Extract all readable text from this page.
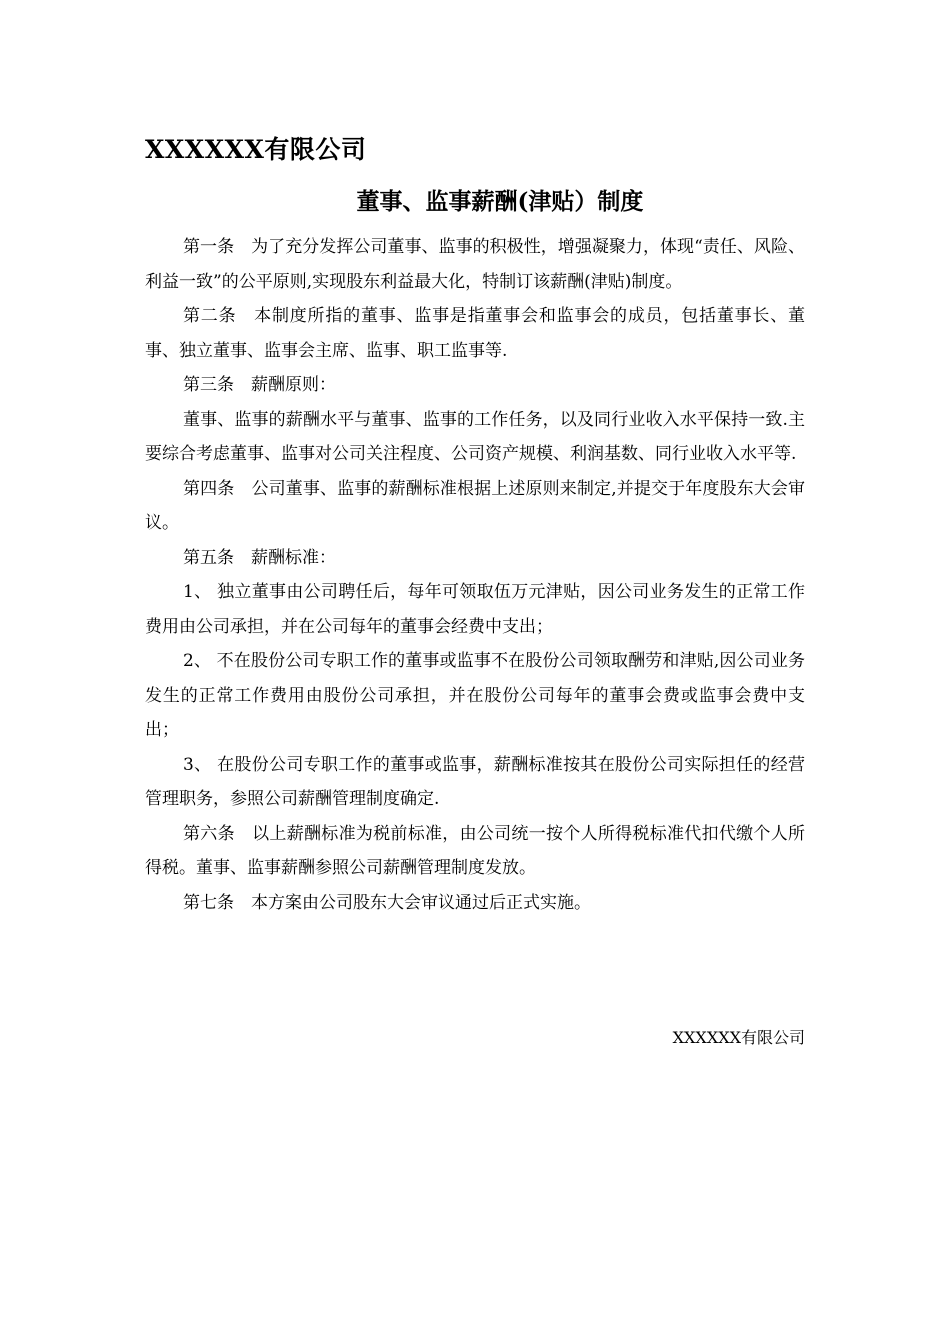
XXXXXX有限公司
董事、监事薪酬(津贴）制度

第一条　为了充分发挥公司董事、监事的积极性，增强凝聚力，体现“责任、风险、利益一致”的公平原则,实现股东利益最大化，特制订该薪酬(津贴)制度。

第二条　本制度所指的董事、监事是指董事会和监事会的成员，包括董事长、董事、独立董事、监事会主席、监事、职工监事等.

第三条　薪酬原则：

董事、监事的薪酬水平与董事、监事的工作任务，以及同行业收入水平保持一致.主要综合考虑董事、监事对公司关注程度、公司资产规模、利润基数、同行业收入水平等.

第四条　公司董事、监事的薪酬标准根据上述原则来制定,并提交于年度股东大会审议。

第五条　薪酬标准：

1、 独立董事由公司聘任后，每年可领取伍万元津贴，因公司业务发生的正常工作费用由公司承担，并在公司每年的董事会经费中支出；

2、 不在股份公司专职工作的董事或监事不在股份公司领取酬劳和津贴,因公司业务发生的正常工作费用由股份公司承担，并在股份公司每年的董事会费或监事会费中支出；

3、 在股份公司专职工作的董事或监事，薪酬标准按其在股份公司实际担任的经营管理职务，参照公司薪酬管理制度确定.

第六条　以上薪酬标准为税前标准，由公司统一按个人所得税标准代扣代缴个人所得税。董事、监事薪酬参照公司薪酬管理制度发放。

第七条　本方案由公司股东大会审议通过后正式实施。

XXXXXX有限公司
